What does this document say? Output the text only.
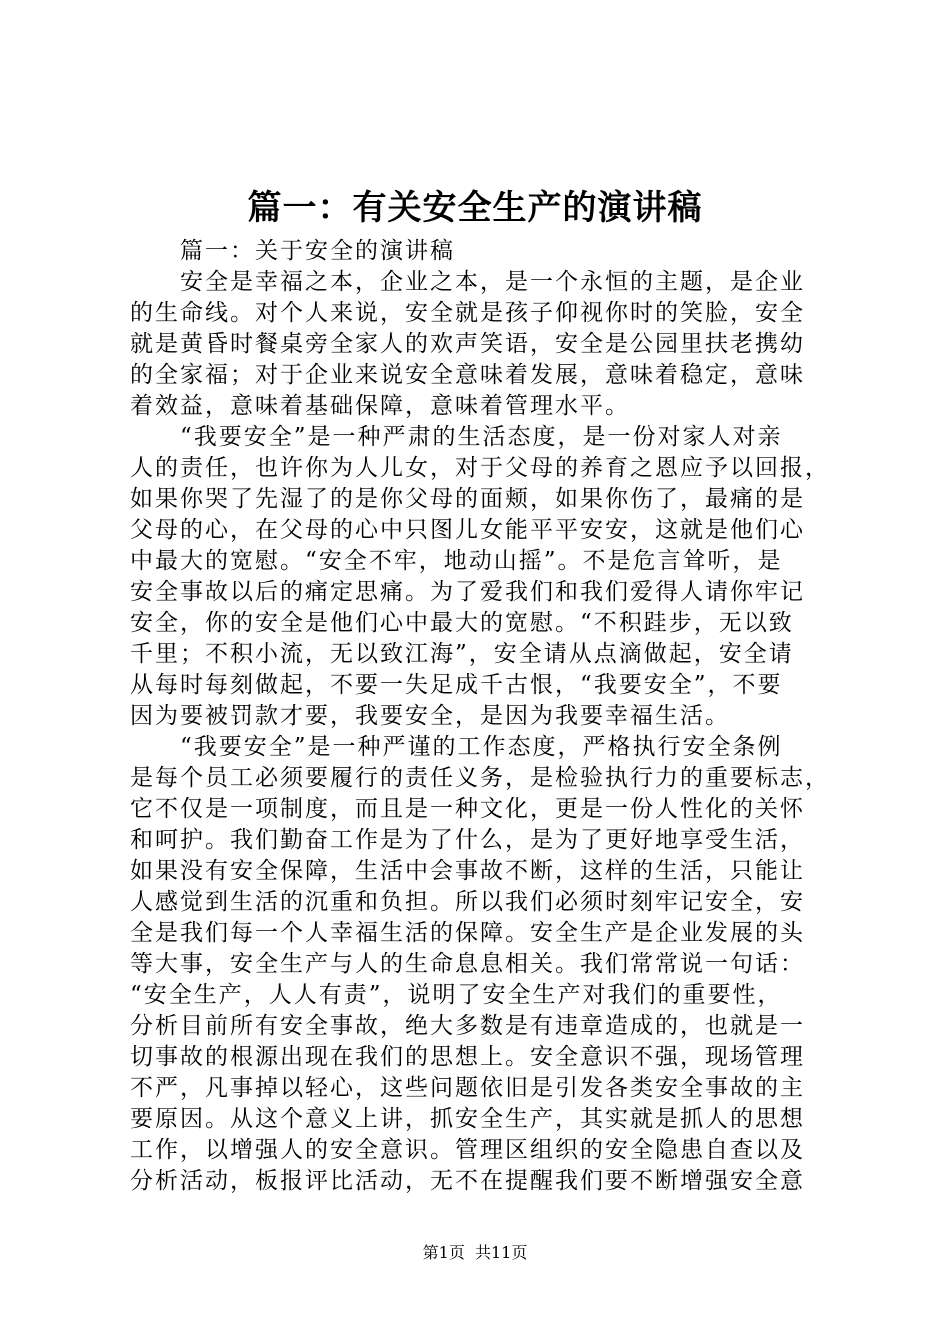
篇一：有关安全生产的演讲稿
　　篇一：关于安全的演讲稿
　　安全是幸福之本，企业之本，是一个永恒的主题，是企业
的生命线。对个人来说，安全就是孩子仰视你时的笑脸，安全
就是黄昏时餐桌旁全家人的欢声笑语，安全是公园里扶老携幼
的全家福；对于企业来说安全意味着发展，意味着稳定，意味
着效益，意味着基础保障，意味着管理水平。
　　“我要安全”是一种严肃的生活态度，是一份对家人对亲
人的责任，也许你为人儿女，对于父母的养育之恩应予以回报，
如果你哭了先湿了的是你父母的面颊，如果你伤了，最痛的是
父母的心，在父母的心中只图儿女能平平安安，这就是他们心
中最大的宽慰。“安全不牢，地动山摇”。不是危言耸听，是
安全事故以后的痛定思痛。为了爱我们和我们爱得人请你牢记
安全，你的安全是他们心中最大的宽慰。“不积跬步，无以致
千里；不积小流，无以致江海”，安全请从点滴做起，安全请
从每时每刻做起，不要一失足成千古恨，“我要安全”，不要
因为要被罚款才要，我要安全，是因为我要幸福生活。
　　“我要安全”是一种严谨的工作态度，严格执行安全条例
是每个员工必须要履行的责任义务，是检验执行力的重要标志，
它不仅是一项制度，而且是一种文化，更是一份人性化的关怀
和呵护。我们勤奋工作是为了什么，是为了更好地享受生活，
如果没有安全保障，生活中会事故不断，这样的生活，只能让
人感觉到生活的沉重和负担。所以我们必须时刻牢记安全，安
全是我们每一个人幸福生活的保障。安全生产是企业发展的头
等大事，安全生产与人的生命息息相关。我们常常说一句话：
“安全生产，人人有责”，说明了安全生产对我们的重要性，
分析目前所有安全事故，绝大多数是有违章造成的，也就是一
切事故的根源出现在我们的思想上。安全意识不强，现场管理
不严，凡事掉以轻心，这些问题依旧是引发各类安全事故的主
要原因。从这个意义上讲，抓安全生产，其实就是抓人的思想
工作，以增强人的安全意识。管理区组织的安全隐患自查以及
分析活动，板报评比活动，无不在提醒我们要不断增强安全意
第1页  共11页
